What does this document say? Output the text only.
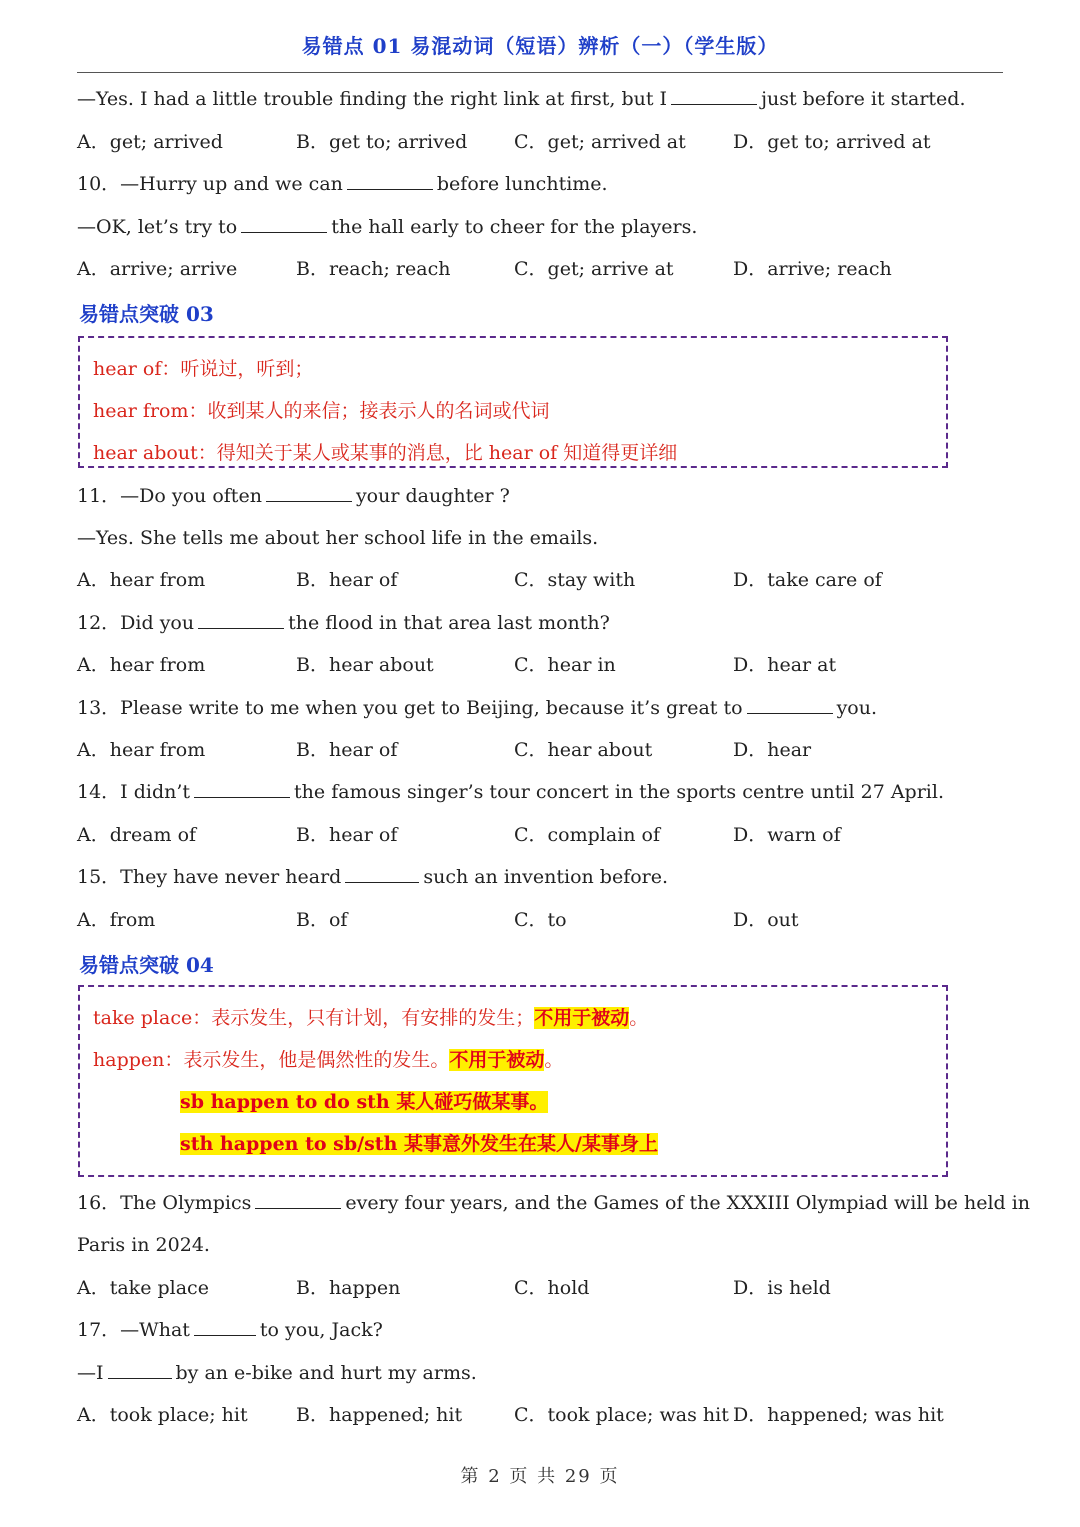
易错点 01 易混动词（短语）辨析（一）（学生版）
—Yes. I had a little trouble finding the right link at first, but I	just before it started.
A．get; arrived	B．get to; arrived C．get; arrived at D．get to; arrived at
10．—Hurry up and we can	before lunchtime.
—OK, let’s try to	the hall early to cheer for the players.
A．arrive; arrive	B．reach; reach	C．get; arrive at	D．arrive; reach
易错点突破 03
hear of：听说过，听到；
hear from：收到某人的来信；接表示人的名词或代词
hear about：得知关于某人或某事的消息，比 hear of 知道得更详细
11．—Do you often	your daughter ?
—Yes. She tells me about her school life in the emails.
A．hear from	B．hear of	C．stay with	D．take care of
12．Did you	the flood in that area last month?
A．hear from	B．hear about	C．hear in	D．hear at
13．Please write to me when you get to Beijing, because it’s great to	you.
A．hear from	B．hear of	C．hear about	D．hear
14．I didn’t	the famous singer’s tour concert in the sports centre until 27 April.
A．dream of	B．hear of	C．complain of	D．warn of
15．They have never heard	such an invention before.
A．from	B．of	C．to	D．out
易错点突破 04
take place：表示发生，只有计划，有安排的发生；不用于被动。
happen：表示发生，他是偶然性的发生。不用于被动。
sb happen to do sth 某人碰巧做某事。
sth happen to sb/sth 某事意外发生在某人/某事身上
16．The Olympics	every four years, and the Games of the XXXIII Olympiad will be held in
Paris in 2024.
A．take place	B．happen	C．hold	D．is held
17．—What	to you, Jack?
—I	by an e-bike and hurt my arms.
A．took place; hit	B．happened; hit	C．took place; was hit D．happened; was hit
第 2 页 共 29 页
